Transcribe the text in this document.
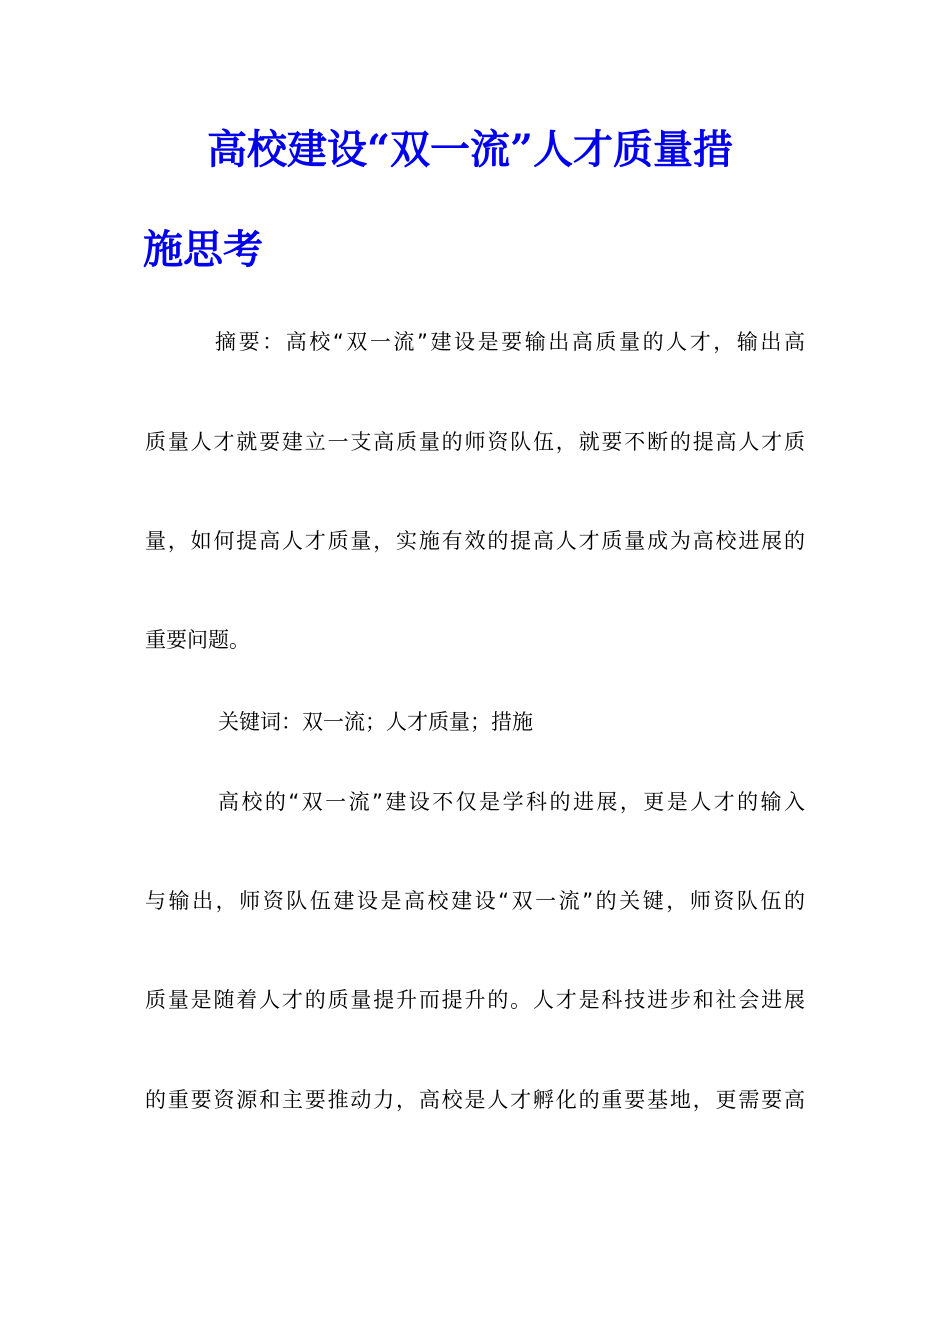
高校建设“双一流”人才质量措
施思考
摘要：高校“双一流”建设是要输出高质量的人才，输出高
质量人才就要建立一支高质量的师资队伍，就要不断的提高人才质
量，如何提高人才质量，实施有效的提高人才质量成为高校进展的
重要问题。
关键词：双一流；人才质量；措施
高校的“双一流”建设不仅是学科的进展，更是人才的输入
与输出，师资队伍建设是高校建设“双一流”的关键，师资队伍的
质量是随着人才的质量提升而提升的。人才是科技进步和社会进展
的重要资源和主要推动力，高校是人才孵化的重要基地，更需要高
